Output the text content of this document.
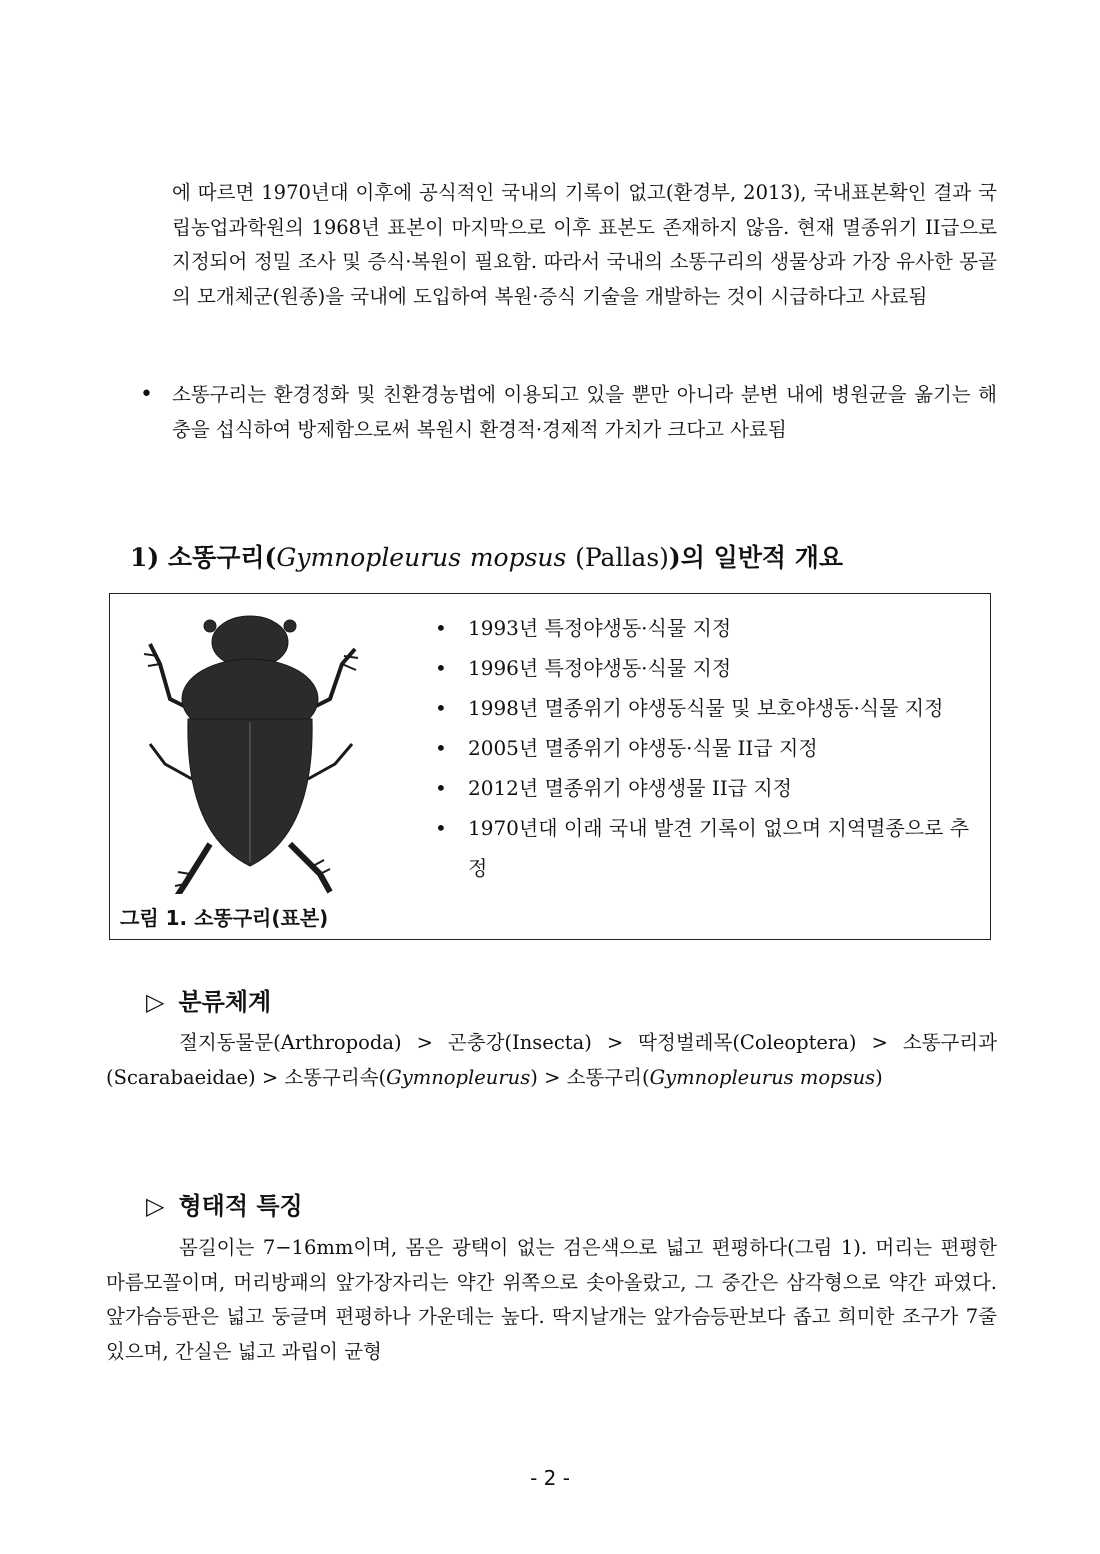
에 따르면 1970년대 이후에 공식적인 국내의 기록이 없고(환경부, 2013), 국내표본확인 결과 국립농업과학원의 1968년 표본이 마지막으로 이후 표본도 존재하지 않음. 현재 멸종위기 II급으로 지정되어 정밀 조사 및 증식·복원이 필요함. 따라서 국내의 소똥구리의 생물상과 가장 유사한 몽골의 모개체군(원종)을 국내에 도입하여 복원·증식 기술을 개발하는 것이 시급하다고 사료됨
• 소똥구리는 환경정화 및 친환경농법에 이용되고 있을 뿐만 아니라 분변 내에 병원균을 옮기는 해충을 섭식하여 방제함으로써 복원시 환경적·경제적 가치가 크다고 사료됨
1) 소똥구리(Gymnopleurus mopsus (Pallas))의 일반적 개요
그림 1. 소똥구리(표본)
• 1993년 특정야생동·식물 지정
• 1996년 특정야생동·식물 지정
• 1998년 멸종위기 야생동식물 및 보호야생동·식물 지정
• 2005년 멸종위기 야생동·식물 II급 지정
• 2012년 멸종위기 야생생물 II급 지정
• 1970년대 이래 국내 발견 기록이 없으며 지역멸종으로 추정
▷ 분류체계
절지동물문(Arthropoda) > 곤충강(Insecta) > 딱정벌레목(Coleoptera) > 소똥구리과(Scarabaeidae) > 소똥구리속(Gymnopleurus) > 소똥구리(Gymnopleurus mopsus)
▷ 형태적 특징
몸길이는 7−16mm이며, 몸은 광택이 없는 검은색으로 넓고 편평하다(그림 1). 머리는 편평한 마름모꼴이며, 머리방패의 앞가장자리는 약간 위쪽으로 솟아올랐고, 그 중간은 삼각형으로 약간 파였다. 앞가슴등판은 넓고 둥글며 편평하나 가운데는 높다. 딱지날개는 앞가슴등판보다 좁고 희미한 조구가 7줄 있으며, 간실은 넓고 과립이 균형
- 2 -
